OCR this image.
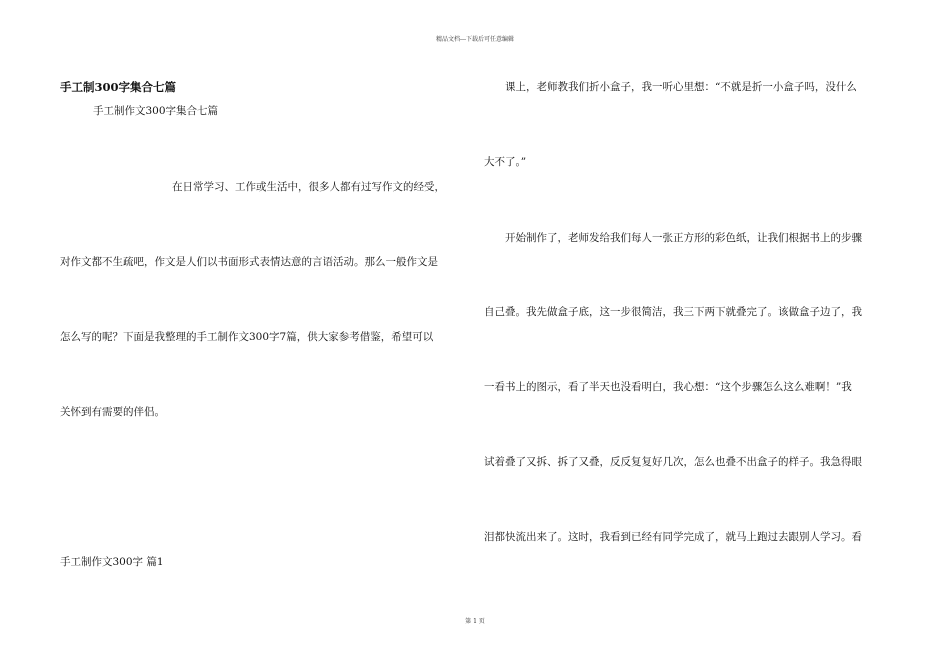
精品文档---下载后可任意编辑
手工制300字集合七篇
手工制作文300字集合七篇
在日常学习、工作或生活中，很多人都有过写作文的经受，
对作文都不生疏吧，作文是人们以书面形式表情达意的言语活动。那么一般作文是
怎么写的呢？下面是我整理的手工制作文300字7篇，供大家参考借鉴，希望可以
关怀到有需要的伴侣。
手工制作文300字 篇1
课上，老师教我们折小盒子，我一听心里想：“不就是折一小盒子吗，没什么
大不了。”
开始制作了，老师发给我们每人一张正方形的彩色纸，让我们根据书上的步骤
自己叠。我先做盒子底，这一步很简洁，我三下两下就叠完了。该做盒子边了，我
一看书上的图示，看了半天也没看明白，我心想：“这个步骤怎么这么难啊！”我
试着叠了又拆、拆了又叠，反反复复好几次，怎么也叠不出盒子的样子。我急得眼
泪都快流出来了。这时，我看到已经有同学完成了，就马上跑过去跟别人学习。看
第 1 页
